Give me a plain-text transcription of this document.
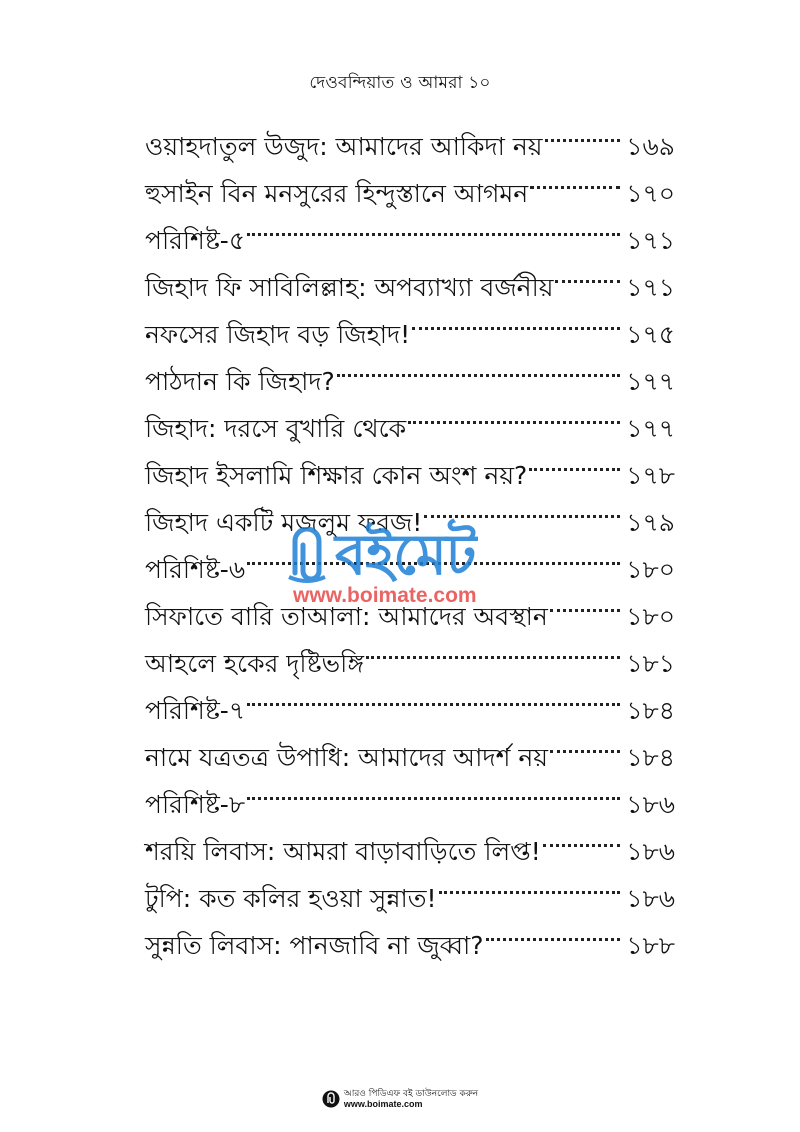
দেওবন্দিয়াত ও আমরা ১০
ওয়াহদাতুল উজুদ: আমাদের আকিদা নয়	১৬৯
হুসাইন বিন মনসুরের হিন্দুস্তানে আগমন	১৭০
পরিশিষ্ট-৫	১৭১
জিহাদ ফি সাবিলিল্লাহ: অপব্যাখ্যা বর্জনীয়	১৭১
নফসের জিহাদ বড় জিহাদ!	১৭৫
পাঠদান কি জিহাদ?	১৭৭
জিহাদ: দরসে বুখারি থেকে	১৭৭
জিহাদ ইসলামি শিক্ষার কোন অংশ নয়?	১৭৮
জিহাদ একটি মজলুম ফরজ!	১৭৯
পরিশিষ্ট-৬	১৮০
সিফাতে বারি তাআলা: আমাদের অবস্থান	১৮০
আহলে হকের দৃষ্টিভঙ্গি	১৮১
পরিশিষ্ট-৭	১৮৪
নামে যত্রতত্র উপাধি: আমাদের আদর্শ নয়	১৮৪
পরিশিষ্ট-৮	১৮৬
শরয়ি লিবাস: আমরা বাড়াবাড়িতে লিপ্ত!	১৮৬
টুপি: কত কলির হওয়া সুন্নাত!	১৮৬
সুন্নতি লিবাস: পানজাবি না জুব্বা?	১৮৮
বইমেট
www.boimate.com
আরও পিডিএফ বই ডাউনলোড করুন
www.boimate.com
